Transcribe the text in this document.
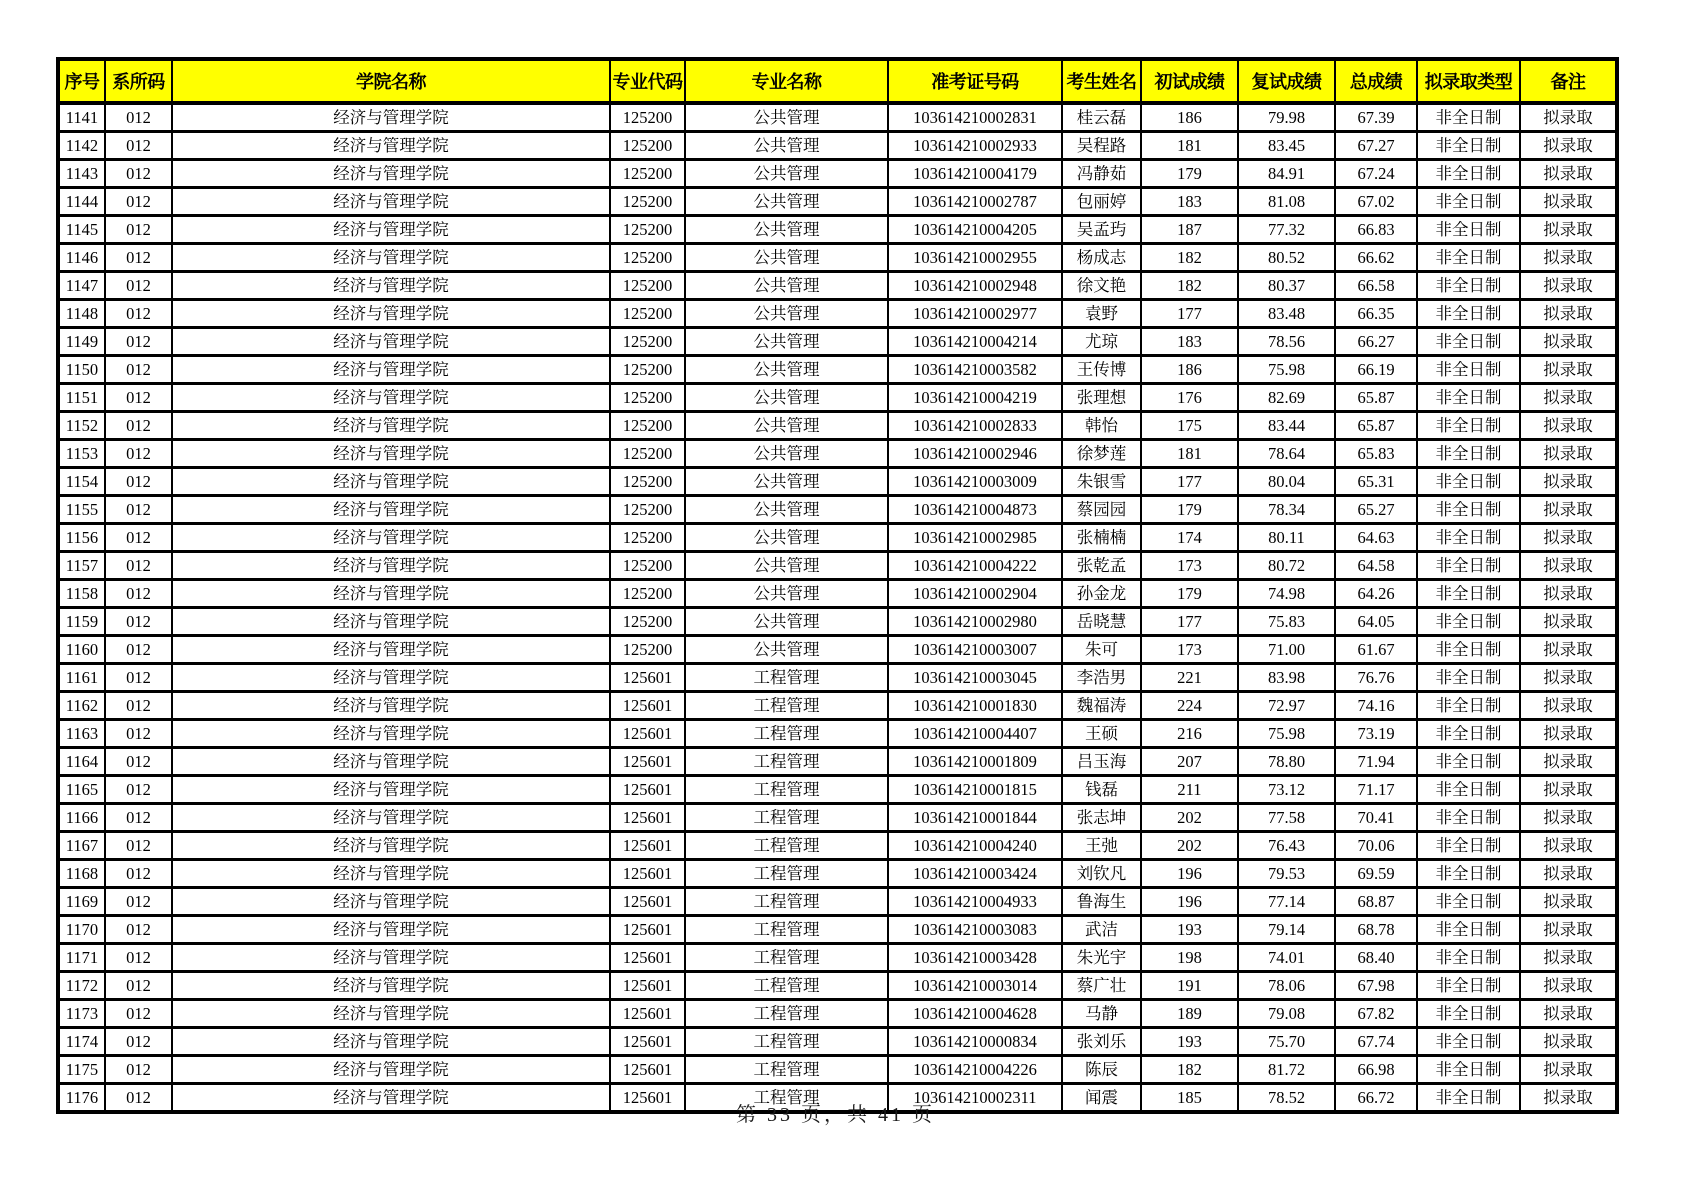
序号	系所码	学院名称	专业代码	专业名称	准考证号码	考生姓名	初试成绩	复试成绩	总成绩	拟录取类型	备注
1141	012	经济与管理学院	125200	公共管理	103614210002831	桂云磊	186	79.98	67.39	非全日制	拟录取
1142	012	经济与管理学院	125200	公共管理	103614210002933	吴程路	181	83.45	67.27	非全日制	拟录取
1143	012	经济与管理学院	125200	公共管理	103614210004179	冯静茹	179	84.91	67.24	非全日制	拟录取
1144	012	经济与管理学院	125200	公共管理	103614210002787	包丽婷	183	81.08	67.02	非全日制	拟录取
1145	012	经济与管理学院	125200	公共管理	103614210004205	吴孟玙	187	77.32	66.83	非全日制	拟录取
1146	012	经济与管理学院	125200	公共管理	103614210002955	杨成志	182	80.52	66.62	非全日制	拟录取
1147	012	经济与管理学院	125200	公共管理	103614210002948	徐文艳	182	80.37	66.58	非全日制	拟录取
1148	012	经济与管理学院	125200	公共管理	103614210002977	袁野	177	83.48	66.35	非全日制	拟录取
1149	012	经济与管理学院	125200	公共管理	103614210004214	尤琼	183	78.56	66.27	非全日制	拟录取
1150	012	经济与管理学院	125200	公共管理	103614210003582	王传博	186	75.98	66.19	非全日制	拟录取
1151	012	经济与管理学院	125200	公共管理	103614210004219	张理想	176	82.69	65.87	非全日制	拟录取
1152	012	经济与管理学院	125200	公共管理	103614210002833	韩怡	175	83.44	65.87	非全日制	拟录取
1153	012	经济与管理学院	125200	公共管理	103614210002946	徐梦莲	181	78.64	65.83	非全日制	拟录取
1154	012	经济与管理学院	125200	公共管理	103614210003009	朱银雪	177	80.04	65.31	非全日制	拟录取
1155	012	经济与管理学院	125200	公共管理	103614210004873	蔡园园	179	78.34	65.27	非全日制	拟录取
1156	012	经济与管理学院	125200	公共管理	103614210002985	张楠楠	174	80.11	64.63	非全日制	拟录取
1157	012	经济与管理学院	125200	公共管理	103614210004222	张乾孟	173	80.72	64.58	非全日制	拟录取
1158	012	经济与管理学院	125200	公共管理	103614210002904	孙金龙	179	74.98	64.26	非全日制	拟录取
1159	012	经济与管理学院	125200	公共管理	103614210002980	岳晓慧	177	75.83	64.05	非全日制	拟录取
1160	012	经济与管理学院	125200	公共管理	103614210003007	朱可	173	71.00	61.67	非全日制	拟录取
1161	012	经济与管理学院	125601	工程管理	103614210003045	李浩男	221	83.98	76.76	非全日制	拟录取
1162	012	经济与管理学院	125601	工程管理	103614210001830	魏福涛	224	72.97	74.16	非全日制	拟录取
1163	012	经济与管理学院	125601	工程管理	103614210004407	王硕	216	75.98	73.19	非全日制	拟录取
1164	012	经济与管理学院	125601	工程管理	103614210001809	吕玉海	207	78.80	71.94	非全日制	拟录取
1165	012	经济与管理学院	125601	工程管理	103614210001815	钱磊	211	73.12	71.17	非全日制	拟录取
1166	012	经济与管理学院	125601	工程管理	103614210001844	张志坤	202	77.58	70.41	非全日制	拟录取
1167	012	经济与管理学院	125601	工程管理	103614210004240	王弛	202	76.43	70.06	非全日制	拟录取
1168	012	经济与管理学院	125601	工程管理	103614210003424	刘钦凡	196	79.53	69.59	非全日制	拟录取
1169	012	经济与管理学院	125601	工程管理	103614210004933	鲁海生	196	77.14	68.87	非全日制	拟录取
1170	012	经济与管理学院	125601	工程管理	103614210003083	武洁	193	79.14	68.78	非全日制	拟录取
1171	012	经济与管理学院	125601	工程管理	103614210003428	朱光宇	198	74.01	68.40	非全日制	拟录取
1172	012	经济与管理学院	125601	工程管理	103614210003014	蔡广壮	191	78.06	67.98	非全日制	拟录取
1173	012	经济与管理学院	125601	工程管理	103614210004628	马静	189	79.08	67.82	非全日制	拟录取
1174	012	经济与管理学院	125601	工程管理	103614210000834	张刘乐	193	75.70	67.74	非全日制	拟录取
1175	012	经济与管理学院	125601	工程管理	103614210004226	陈辰	182	81.72	66.98	非全日制	拟录取
1176	012	经济与管理学院	125601	工程管理	103614210002311	闻震	185	78.52	66.72	非全日制	拟录取
第 33 页，共 41 页
